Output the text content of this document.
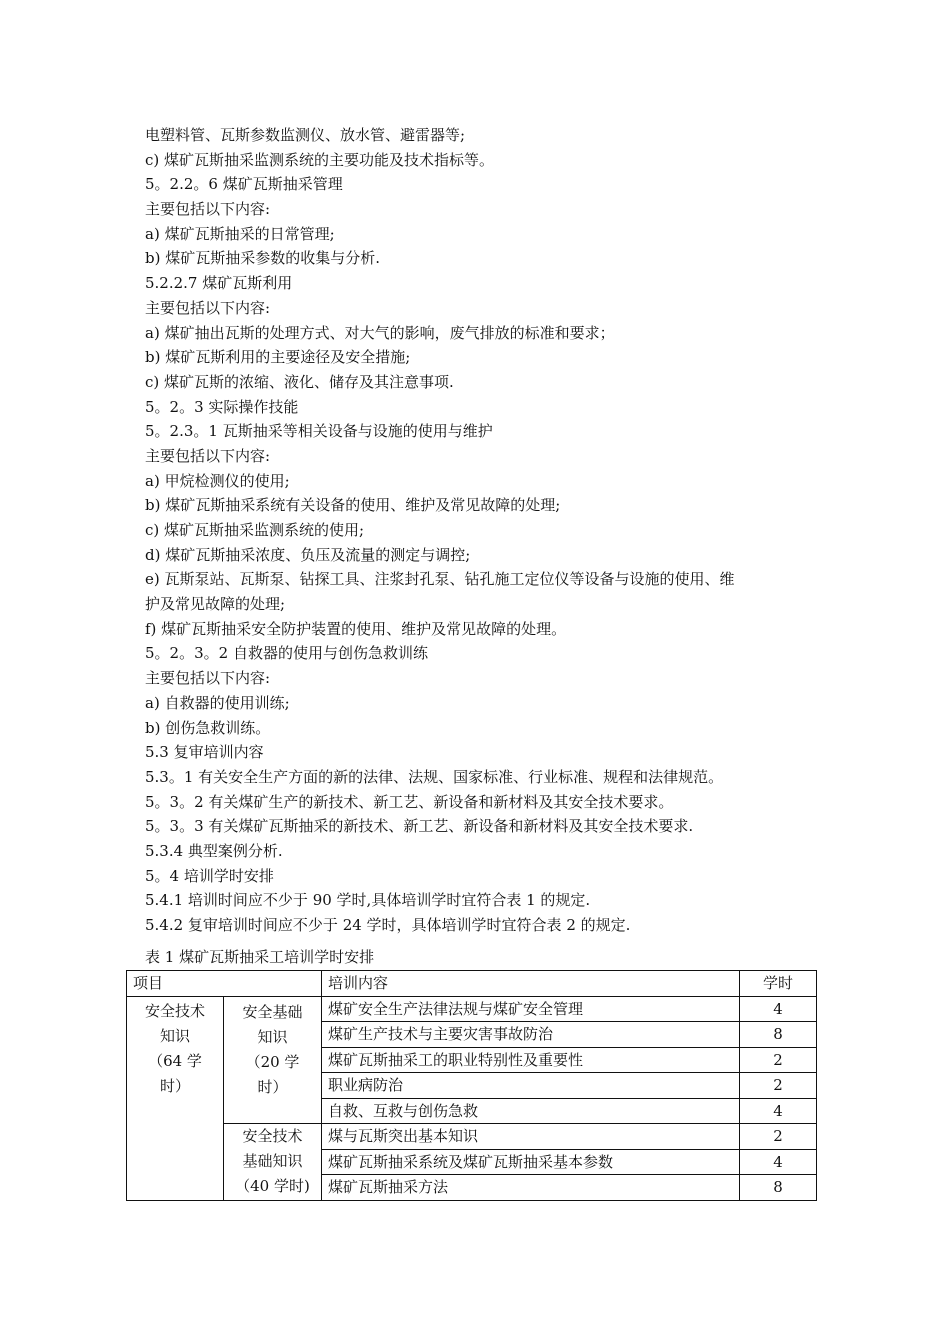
电塑料管、瓦斯参数监测仪、放水管、避雷器等;
c) 煤矿瓦斯抽采监测系统的主要功能及技术指标等。
5。2.2。6 煤矿瓦斯抽采管理
主要包括以下内容:
a) 煤矿瓦斯抽采的日常管理;
b) 煤矿瓦斯抽采参数的收集与分析.
5.2.2.7 煤矿瓦斯利用
主要包括以下内容:
a) 煤矿抽出瓦斯的处理方式、对大气的影响，废气排放的标准和要求；
b) 煤矿瓦斯利用的主要途径及安全措施;
c) 煤矿瓦斯的浓缩、液化、储存及其注意事项.
5。2。3 实际操作技能
5。2.3。1 瓦斯抽采等相关设备与设施的使用与维护
主要包括以下内容:
a) 甲烷检测仪的使用;
b) 煤矿瓦斯抽采系统有关设备的使用、维护及常见故障的处理;
c) 煤矿瓦斯抽采监测系统的使用;
d) 煤矿瓦斯抽采浓度、负压及流量的测定与调控;
e) 瓦斯泵站、瓦斯泵、钻探工具、注浆封孔泵、钻孔施工定位仪等设备与设施的使用、维
护及常见故障的处理;
f) 煤矿瓦斯抽采安全防护装置的使用、维护及常见故障的处理。
5。2。3。2 自救器的使用与创伤急救训练
主要包括以下内容:
a) 自救器的使用训练;
b) 创伤急救训练。
5.3 复审培训内容
5.3。1 有关安全生产方面的新的法律、法规、国家标准、行业标准、规程和法律规范。
5。3。2 有关煤矿生产的新技术、新工艺、新设备和新材料及其安全技术要求。
5。3。3 有关煤矿瓦斯抽采的新技术、新工艺、新设备和新材料及其安全技术要求.
5.3.4 典型案例分析.
5。4 培训学时安排
5.4.1 培训时间应不少于 90 学时,具体培训学时宜符合表 1 的规定.
5.4.2 复审培训时间应不少于 24 学时，具体培训学时宜符合表 2 的规定.
表 1 煤矿瓦斯抽采工培训学时安排
项目		培训内容	学时

安全技术
知识
（64 学
时）	安全基础
知识
（20 学
时）	煤矿安全生产法律法规与煤矿安全管理	4
		煤矿生产技术与主要灾害事故防治	8
		煤矿瓦斯抽采工的职业特别性及重要性	2
		职业病防治	2
		自救、互救与创伤急救	4

	安全技术
基础知识
（40 学时)	煤与瓦斯突出基本知识	2
		煤矿瓦斯抽采系统及煤矿瓦斯抽采基本参数	4
		煤矿瓦斯抽采方法	8
